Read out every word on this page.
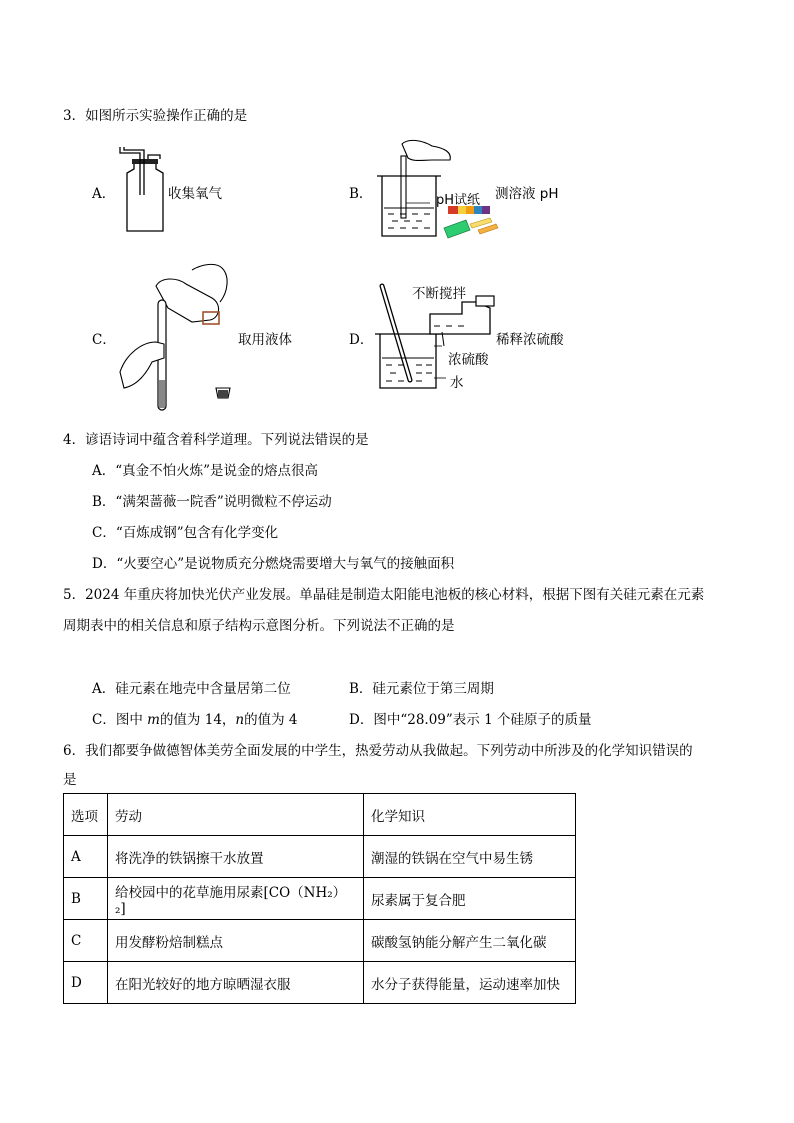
3．如图所示实验操作正确的是
A．	收集氧气	B．	pH试纸 测溶液 pH
C．	取用液体	D．
不断搅拌
稀释浓硫酸
浓硫酸
水
4．谚语诗词中蕴含着科学道理。下列说法错误的是
A．“真金不怕火炼”是说金的熔点很高
B．“满架蔷薇一院香”说明微粒不停运动
C．“百炼成钢”包含有化学变化
D．“火要空心”是说物质充分燃烧需要增大与氧气的接触面积
5．2024 年重庆将加快光伏产业发展。单晶硅是制造太阳能电池板的核心材料，根据下图有关硅元素在元素
周期表中的相关信息和原子结构示意图分析。下列说法不正确的是
A．硅元素在地壳中含量居第二位	B．硅元素位于第三周期
C．图中 m的值为 14，n的值为 4	D．图中“28.09”表示 1 个硅原子的质量
6．我们都要争做德智体美劳全面发展的中学生，热爱劳动从我做起。下列劳动中所涉及的化学知识错误的
是
选项	劳动	化学知识
A	将洗净的铁锅擦干水放置	潮湿的铁锅在空气中易生锈
B	给校园中的花草施用尿素[CO（NH₂）₂]	尿素属于复合肥
C	用发酵粉焙制糕点	碳酸氢钠能分解产生二氧化碳
D	在阳光较好的地方晾晒湿衣服	水分子获得能量，运动速率加快
